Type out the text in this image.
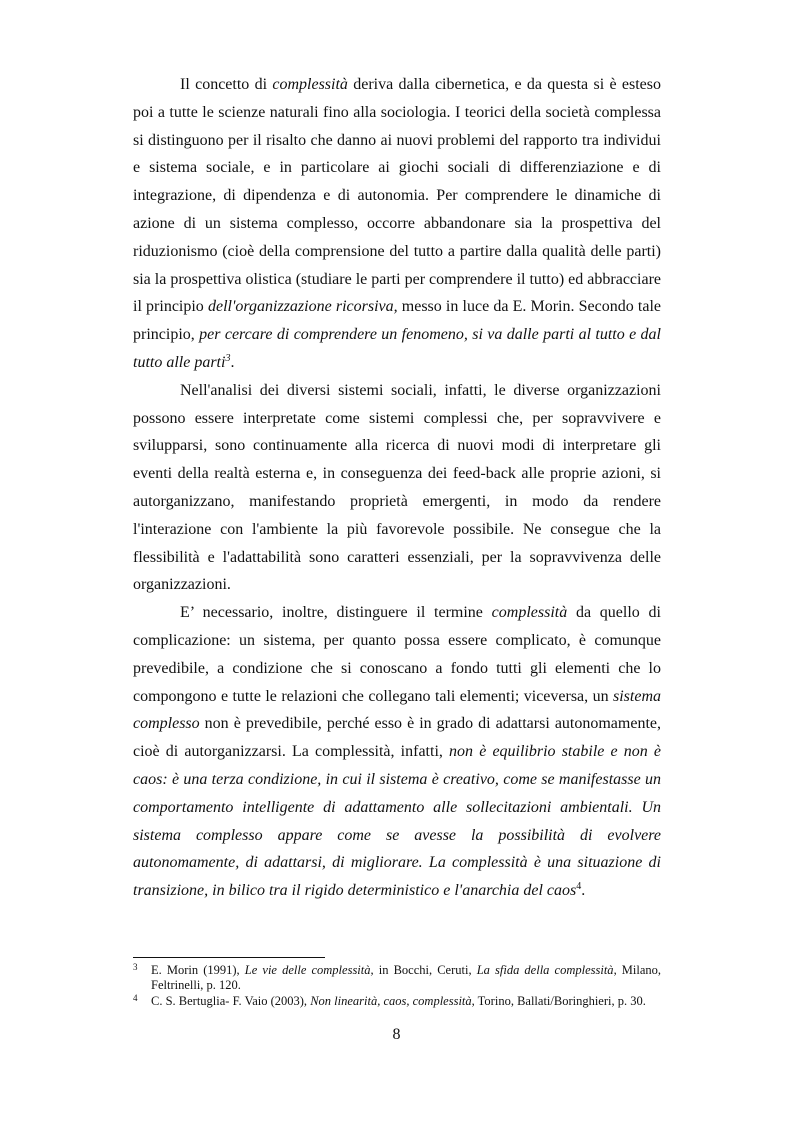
Il concetto di complessità deriva dalla cibernetica, e da questa si è esteso poi a tutte le scienze naturali fino alla sociologia. I teorici della società complessa si distinguono per il risalto che danno ai nuovi problemi del rapporto tra individui e sistema sociale, e in particolare ai giochi sociali di differenziazione e di integrazione, di dipendenza e di autonomia. Per comprendere le dinamiche di azione di un sistema complesso, occorre abbandonare sia la prospettiva del riduzionismo (cioè della comprensione del tutto a partire dalla qualità delle parti) sia la prospettiva olistica (studiare le parti per comprendere il tutto) ed abbracciare il principio dell'organizzazione ricorsiva, messo in luce da E. Morin. Secondo tale principio, per cercare di comprendere un fenomeno, si va dalle parti al tutto e dal tutto alle parti$^3$.

Nell'analisi dei diversi sistemi sociali, infatti, le diverse organizzazioni possono essere interpretate come sistemi complessi che, per sopravvivere e svilupparsi, sono continuamente alla ricerca di nuovi modi di interpretare gli eventi della realtà esterna e, in conseguenza dei feed-back alle proprie azioni, si autorganizzano, manifestando proprietà emergenti, in modo da rendere l'interazione con l'ambiente la più favorevole possibile. Ne consegue che la flessibilità e l'adattabilità sono caratteri essenziali, per la sopravvivenza delle organizzazioni.

E’ necessario, inoltre, distinguere il termine complessità da quello di complicazione: un sistema, per quanto possa essere complicato, è comunque prevedibile, a condizione che si conoscano a fondo tutti gli elementi che lo compongono e tutte le relazioni che collegano tali elementi; viceversa, un sistema complesso non è prevedibile, perché esso è in grado di adattarsi autonomamente, cioè di autorganizzarsi. La complessità, infatti, non è equilibrio stabile e non è caos: è una terza condizione, in cui il sistema è creativo, come se manifestasse un comportamento intelligente di adattamento alle sollecitazioni ambientali. Un sistema complesso appare come se avesse la possibilità di evolvere autonomamente, di adattarsi, di migliorare. La complessità è una situazione di transizione, in bilico tra il rigido deterministico e l'anarchia del caos$^4$.

3 E. Morin (1991), Le vie delle complessità, in Bocchi, Ceruti, La sfida della complessità, Milano, Feltrinelli, p. 120.
4 C. S. Bertuglia- F. Vaio (2003), Non linearità, caos, complessità, Torino, Ballati/Boringhieri, p. 30.
8
